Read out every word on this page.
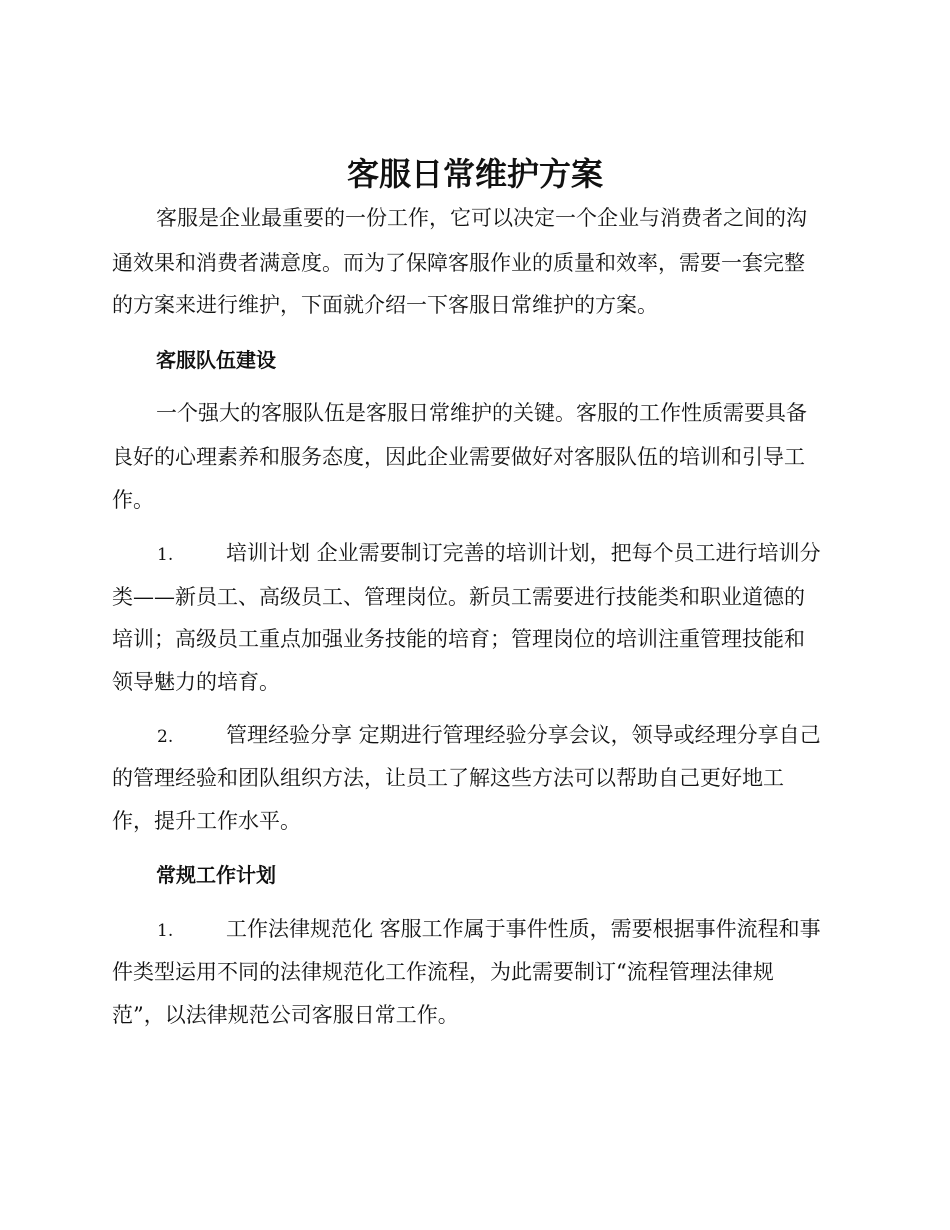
客服日常维护方案
客服是企业最重要的一份工作，它可以决定一个企业与消费者之间的沟
通效果和消费者满意度。而为了保障客服作业的质量和效率，需要一套完整
的方案来进行维护，下面就介绍一下客服日常维护的方案。
客服队伍建设
一个强大的客服队伍是客服日常维护的关键。客服的工作性质需要具备
良好的心理素养和服务态度，因此企业需要做好对客服队伍的培训和引导工
作。
1.	培训计划 企业需要制订完善的培训计划，把每个员工进行培训分
类——新员工、高级员工、管理岗位。新员工需要进行技能类和职业道德的
培训；高级员工重点加强业务技能的培育；管理岗位的培训注重管理技能和
领导魅力的培育。
2.	管理经验分享 定期进行管理经验分享会议，领导或经理分享自己
的管理经验和团队组织方法，让员工了解这些方法可以帮助自己更好地工
作，提升工作水平。
常规工作计划
1.	工作法律规范化 客服工作属于事件性质，需要根据事件流程和事
件类型运用不同的法律规范化工作流程，为此需要制订“流程管理法律规
范”，以法律规范公司客服日常工作。
